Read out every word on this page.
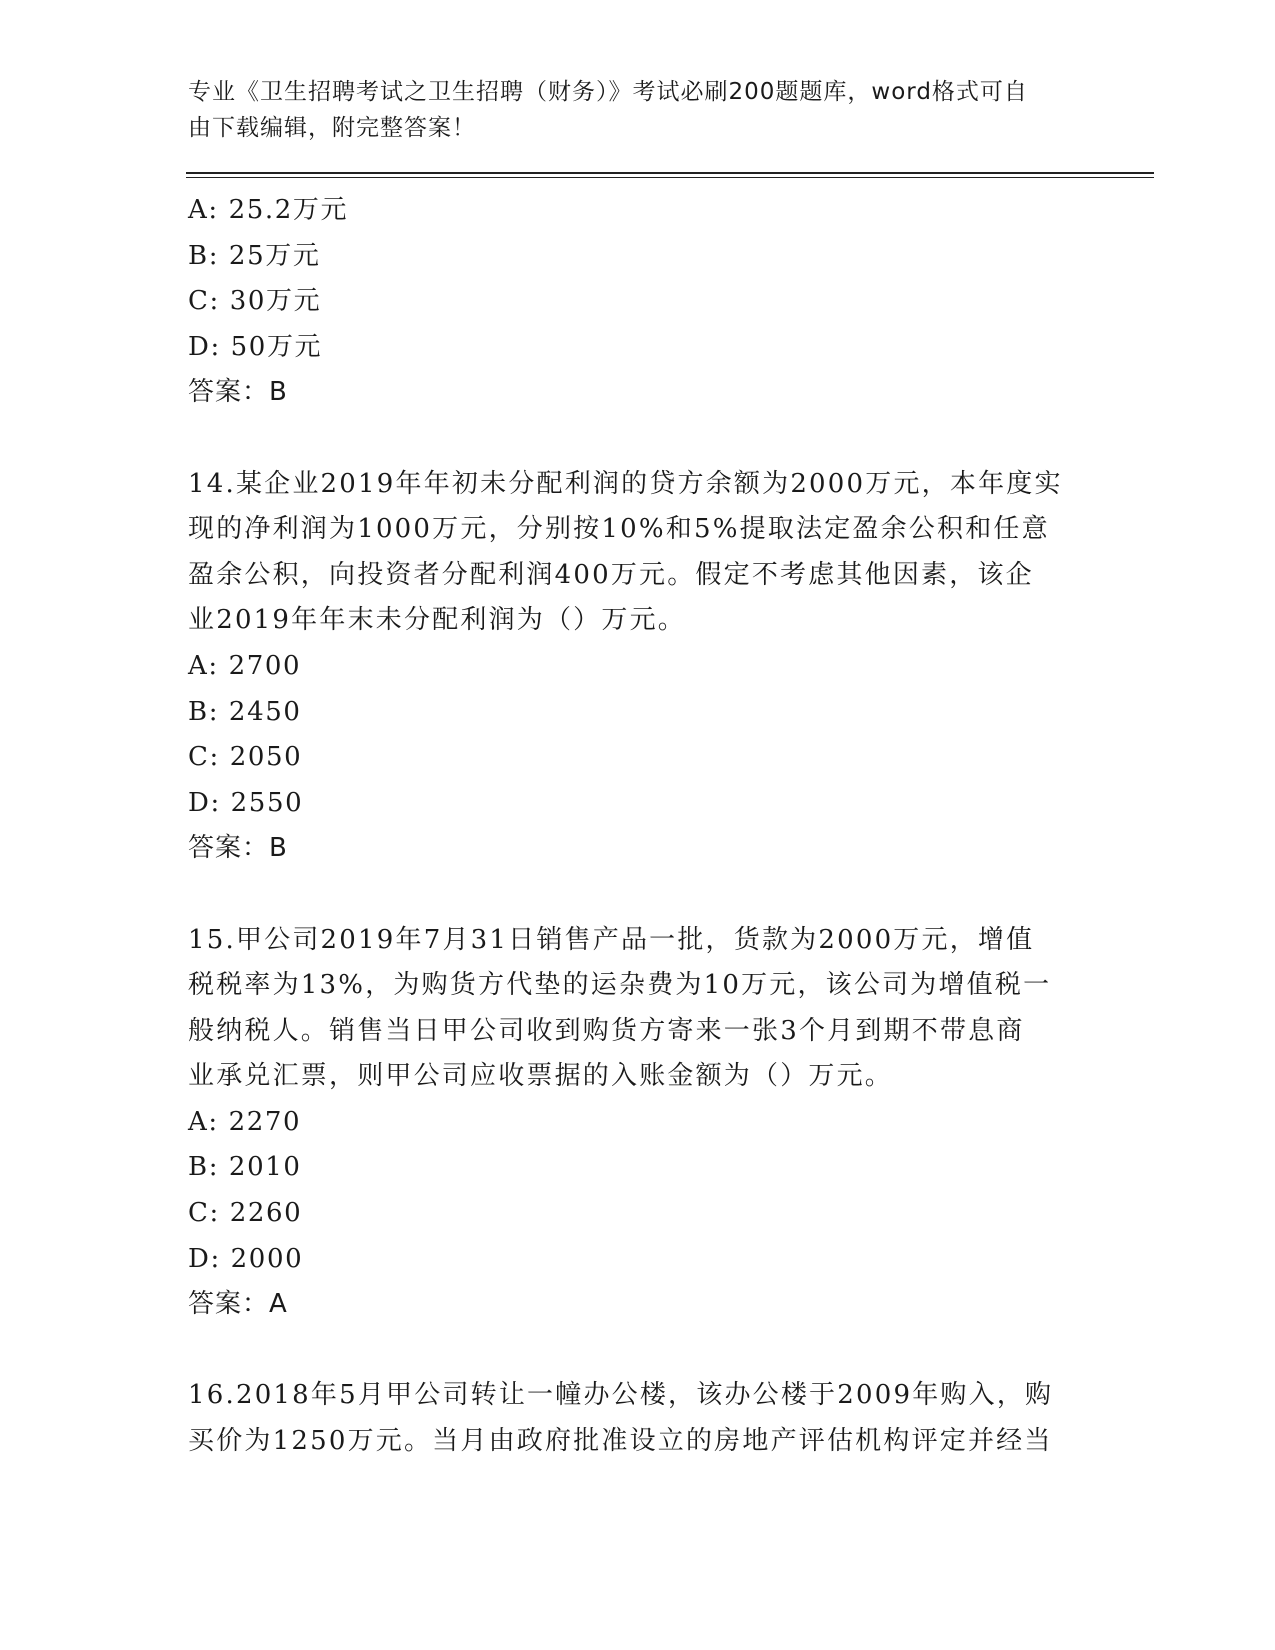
专业《卫生招聘考试之卫生招聘（财务）》考试必刷200题题库，word格式可自
由下载编辑，附完整答案！
A: 25.2万元
B: 25万元
C: 30万元
D: 50万元
答案：B
14.某企业2019年年初未分配利润的贷方余额为2000万元，本年度实
现的净利润为1000万元，分别按10%和5%提取法定盈余公积和任意
盈余公积，向投资者分配利润400万元。假定不考虑其他因素，该企
业2019年年末未分配利润为（）万元。
A: 2700
B: 2450
C: 2050
D: 2550
答案：B
15.甲公司2019年7月31日销售产品一批，货款为2000万元，增值
税税率为13%，为购货方代垫的运杂费为10万元，该公司为增值税一
般纳税人。销售当日甲公司收到购货方寄来一张3个月到期不带息商
业承兑汇票，则甲公司应收票据的入账金额为（）万元。
A: 2270
B: 2010
C: 2260
D: 2000
答案：A
16.2018年5月甲公司转让一幢办公楼，该办公楼于2009年购入，购
买价为1250万元。当月由政府批准设立的房地产评估机构评定并经当
